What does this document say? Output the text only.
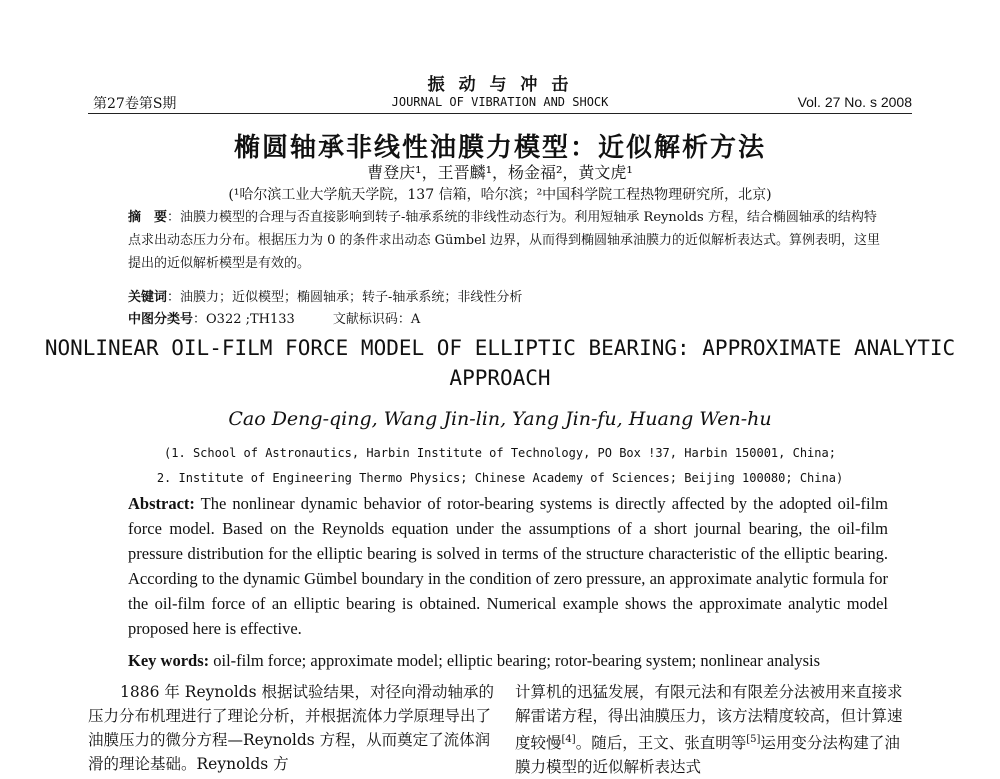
振 动 与 冲 击
第27卷第S期	JOURNAL OF VIBRATION AND SHOCK	Vol. 27 No. s 2008
椭圆轴承非线性油膜力模型：近似解析方法
曹登庆¹，王晋麟¹，杨金福²，黄文虎¹
(¹哈尔滨工业大学航天学院，137 信箱，哈尔滨；²中国科学院工程热物理研究所，北京)
摘　要：油膜力模型的合理与否直接影响到转子-轴承系统的非线性动态行为。利用短轴承 Reynolds 方程，结合椭圆轴承的结构特点求出动态压力分布。根据压力为 0 的条件求出动态 Gümbel 边界，从而得到椭圆轴承油膜力的近似解析表达式。算例表明，这里提出的近似解析模型是有效的。
关键词：油膜力；近似模型；椭圆轴承；转子-轴承系统；非线性分析
中图分类号：O322 ;TH133	文献标识码：A
NONLINEAR OIL-FILM FORCE MODEL OF ELLIPTIC BEARING: APPROXIMATE ANALYTIC APPROACH
Cao Deng-qing, Wang Jin-lin, Yang Jin-fu, Huang Wen-hu
(1. School of Astronautics, Harbin Institute of Technology, PO Box !37, Harbin 150001, China;
2. Institute of Engineering Thermo Physics; Chinese Academy of Sciences; Beijing 100080; China)
Abstract: The nonlinear dynamic behavior of rotor-bearing systems is directly affected by the adopted oil-film force model. Based on the Reynolds equation under the assumptions of a short journal bearing, the oil-film pressure distribution for the elliptic bearing is solved in terms of the structure characteristic of the elliptic bearing. According to the dynamic Gümbel boundary in the condition of zero pressure, an approximate analytic formula for the oil-film force of an elliptic bearing is obtained. Numerical example shows the approximate analytic model proposed here is effective.
Key words: oil-film force; approximate model; elliptic bearing; rotor-bearing system; nonlinear analysis
1886 年 Reynolds 根据试验结果，对径向滑动轴承的压力分布机理进行了理论分析，并根据流体力学原理导出了油膜压力的微分方程—Reynolds 方程，从而奠定了流体润滑的理论基础。Reynolds 方
计算机的迅猛发展，有限元法和有限差分法被用来直接求解雷诺方程，得出油膜压力，该方法精度较高，但计算速度较慢[4]。随后，王文、张直明等[5]运用变分法构建了油膜力模型的近似解析表达式
